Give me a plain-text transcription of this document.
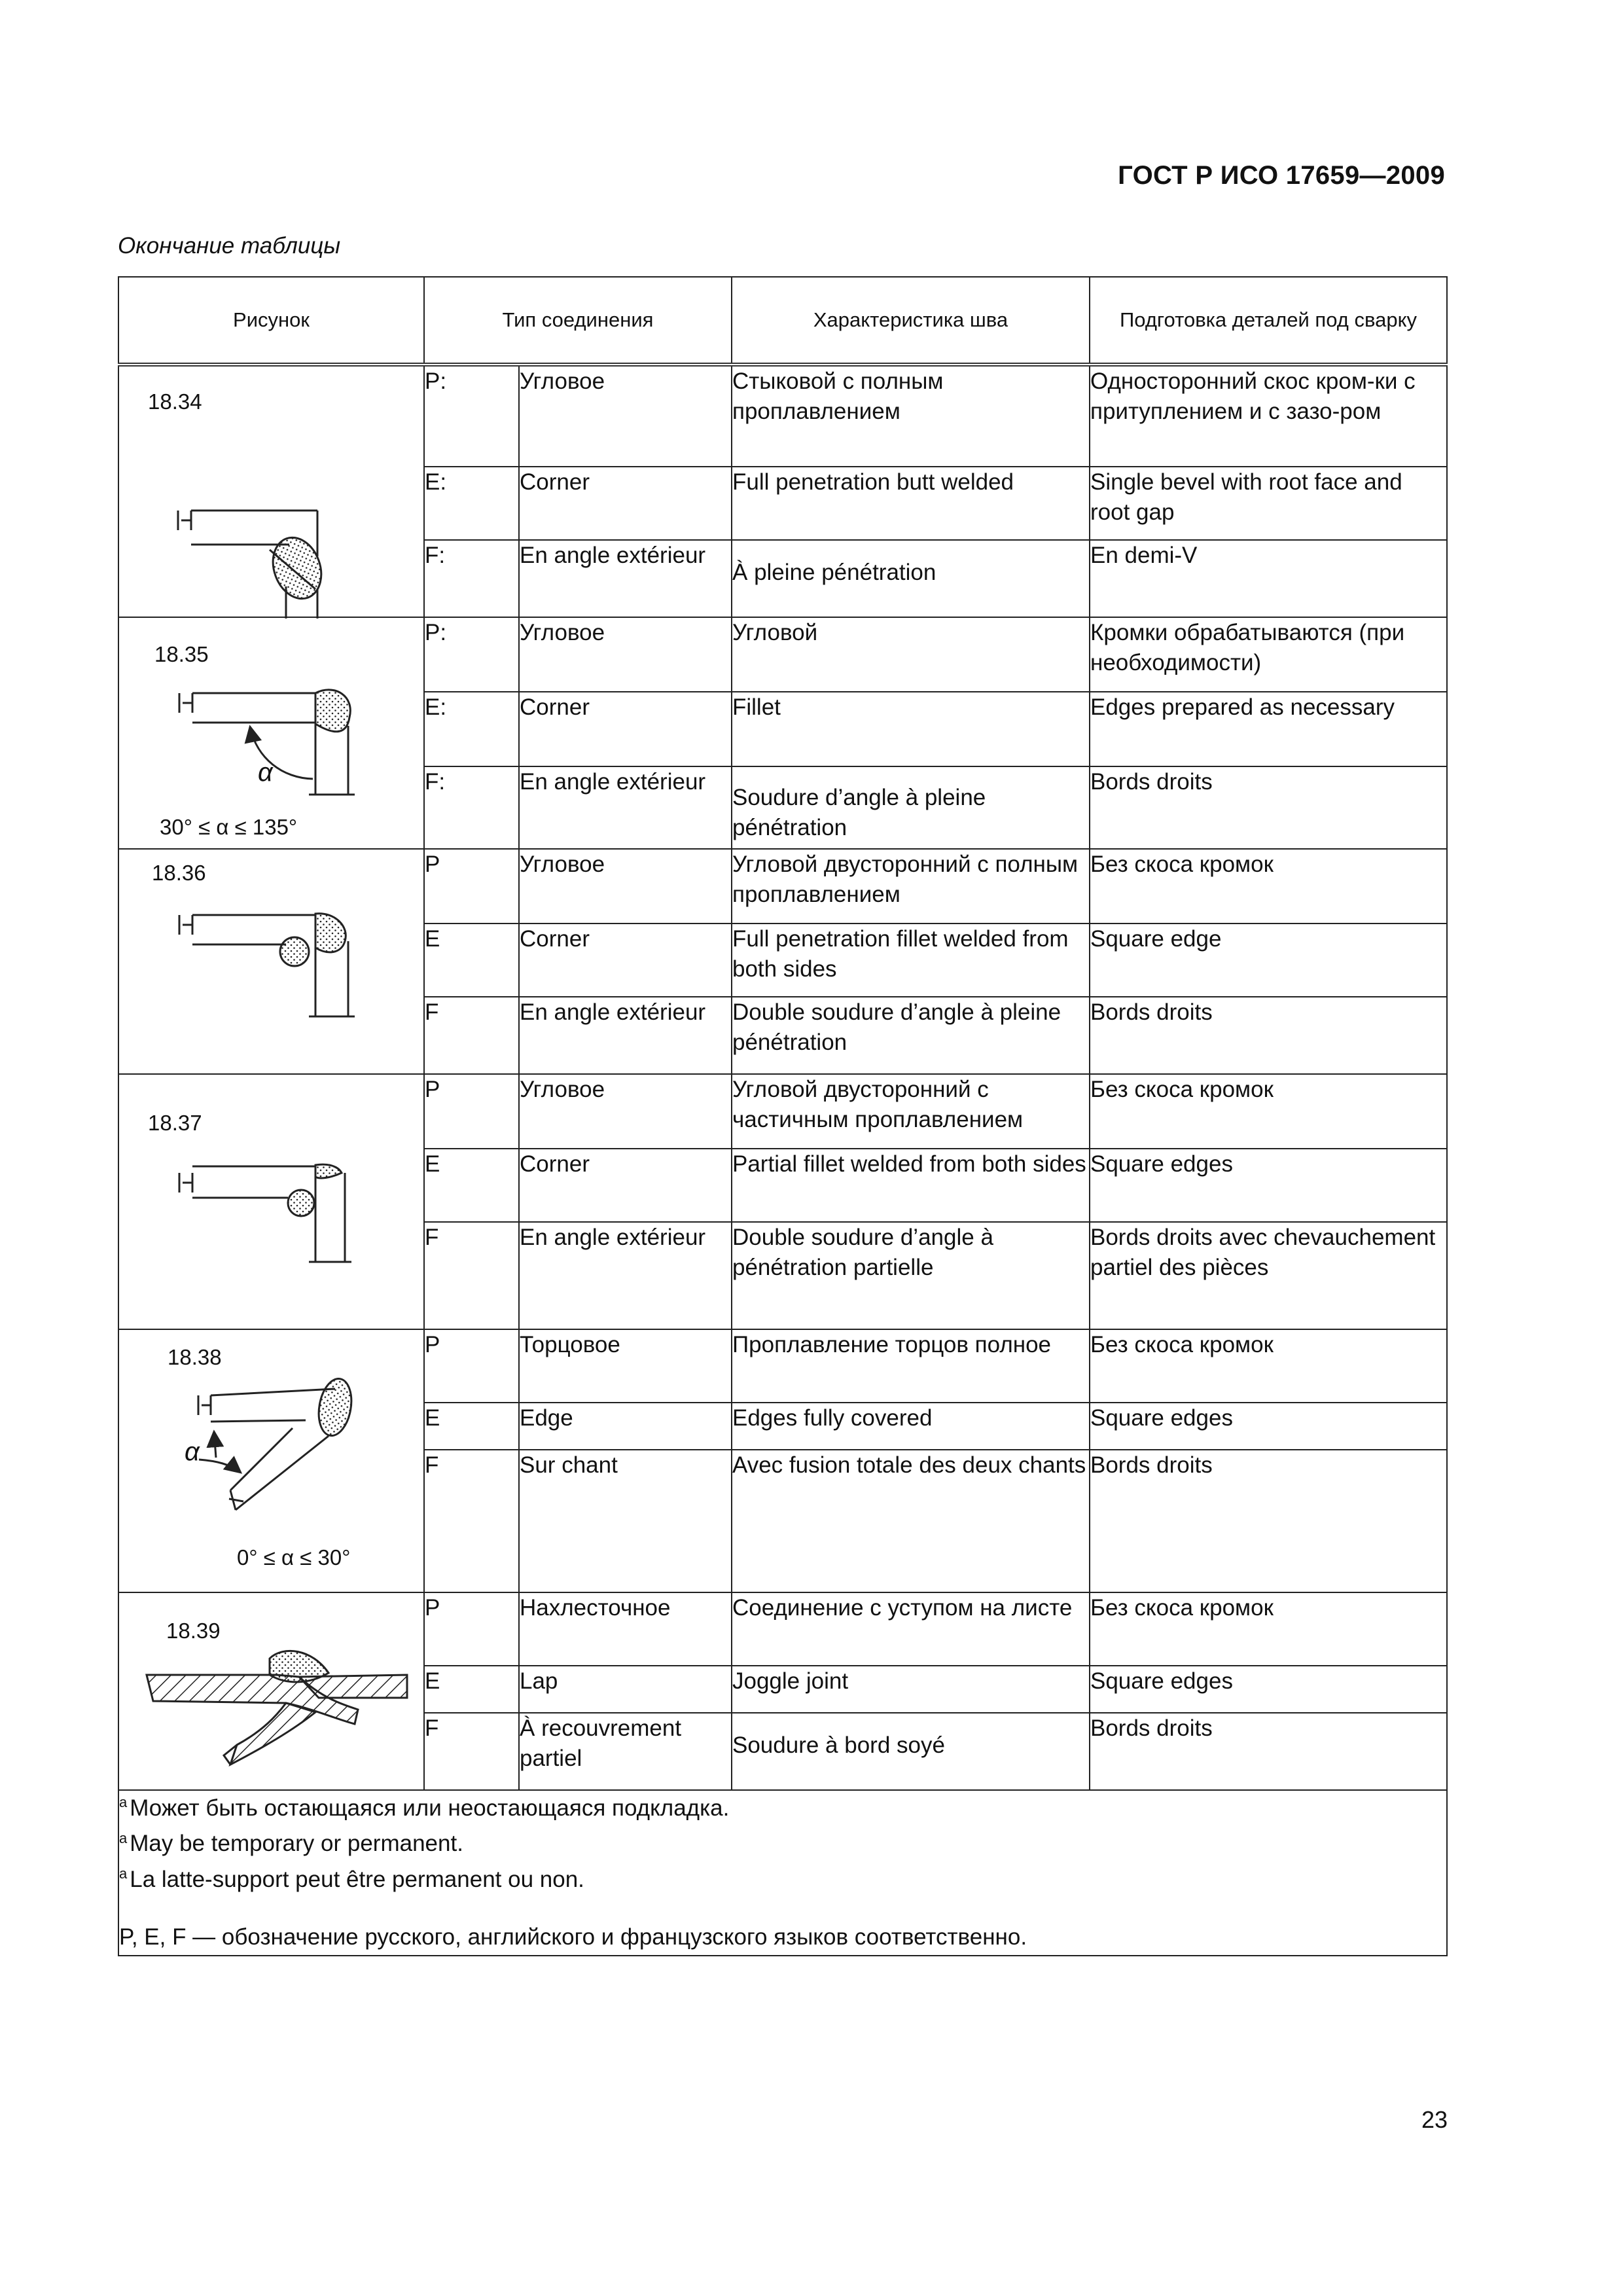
ГОСТ Р ИСО 17659—2009
Окончание таблицы
Рисунок	Тип соединения		Характеристика шва	Подготовка деталей под сварку

18.34	P:	Угловое	Стыковой с полным проплавлением	Односторонний скос кром-ки с притуплением и с зазо-ром
	E:	Corner	Full penetration butt welded	Single bevel with root face and root gap
	F:	En angle extérieur	À pleine pénétration	En demi-V

18.35
α
30° ≤ α ≤ 135°	P:	Угловое	Угловой	Кромки обрабатываются (при необходимости)
	E:	Corner	Fillet	Edges prepared as necessary
	F:	En angle extérieur	Soudure d’angle à pleine pénétration	Bords droits

18.36	P	Угловое	Угловой двусторонний с полным проплавлением	Без скоса кромок
	E	Corner	Full penetration fillet welded from both sides	Square edge
	F	En angle extérieur	Double soudure d’angle à pleine pénétration	Bords droits

18.37	P	Угловое	Угловой двусторонний с частичным проплавлением	Без скоса кромок
	E	Corner	Partial fillet welded from both sides	Square edges
	F	En angle extérieur	Double soudure d’angle à pénétration partielle	Bords droits avec chevauchement partiel des pièces

18.38
α
0° ≤ α ≤ 30°	P	Торцовое	Проплавление торцов полное	Без скоса кромок
	E	Edge	Edges fully covered	Square edges
	F	Sur chant	Avec fusion totale des deux chants	Bords droits

18.39	P	Нахлесточное	Соединение с уступом на листе	Без скоса кромок
	E	Lap	Joggle joint	Square edges
	F	À recouvrement partiel	Soudure à bord soyé	Bords droits

$^a$ Может быть остающаяся или неостающаяся подкладка.
$^a$ May be temporary or permanent.
$^a$ La latte-support peut être permanent ou non.
P, E, F — обозначение русского, английского и французского языков соответственно.				
23
